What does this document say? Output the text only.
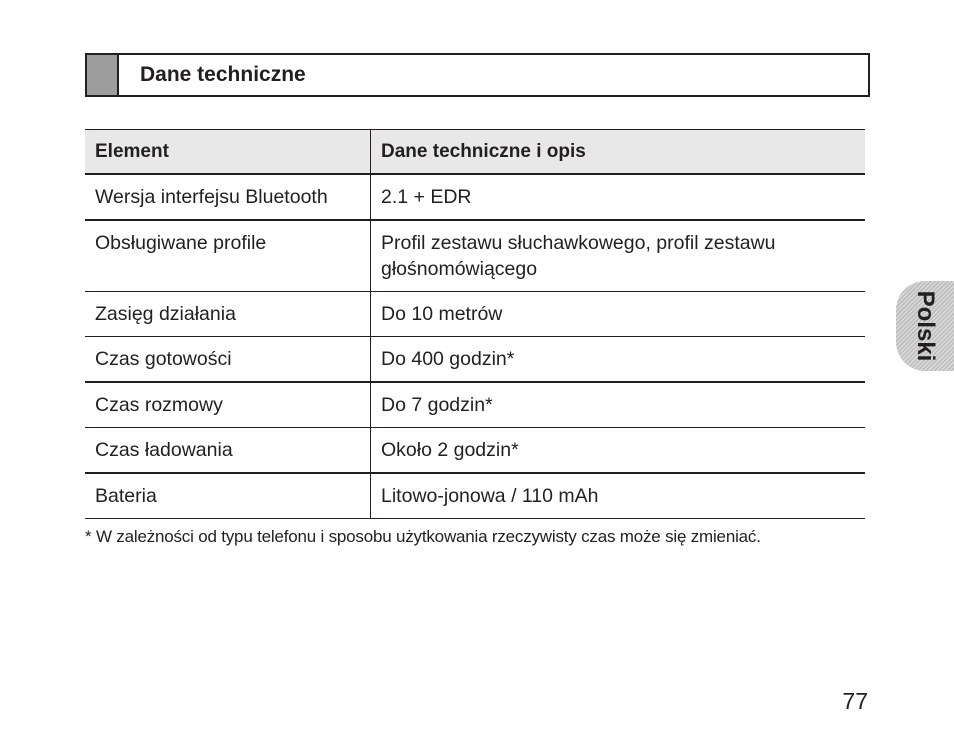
Dane techniczne
Element	Dane techniczne i opis
Wersja interfejsu Bluetooth	2.1 + EDR
Obsługiwane profile	Profil zestawu słuchawkowego, profil zestawu głośnomówiącego
Zasięg działania	Do 10 metrów
Czas gotowości	Do 400 godzin*
Czas rozmowy	Do 7 godzin*
Czas ładowania	Około 2 godzin*
Bateria	Litowo-jonowa / 110 mAh
* W zależności od typu telefonu i sposobu użytkowania rzeczywisty czas może się zmieniać.
77
Polski
